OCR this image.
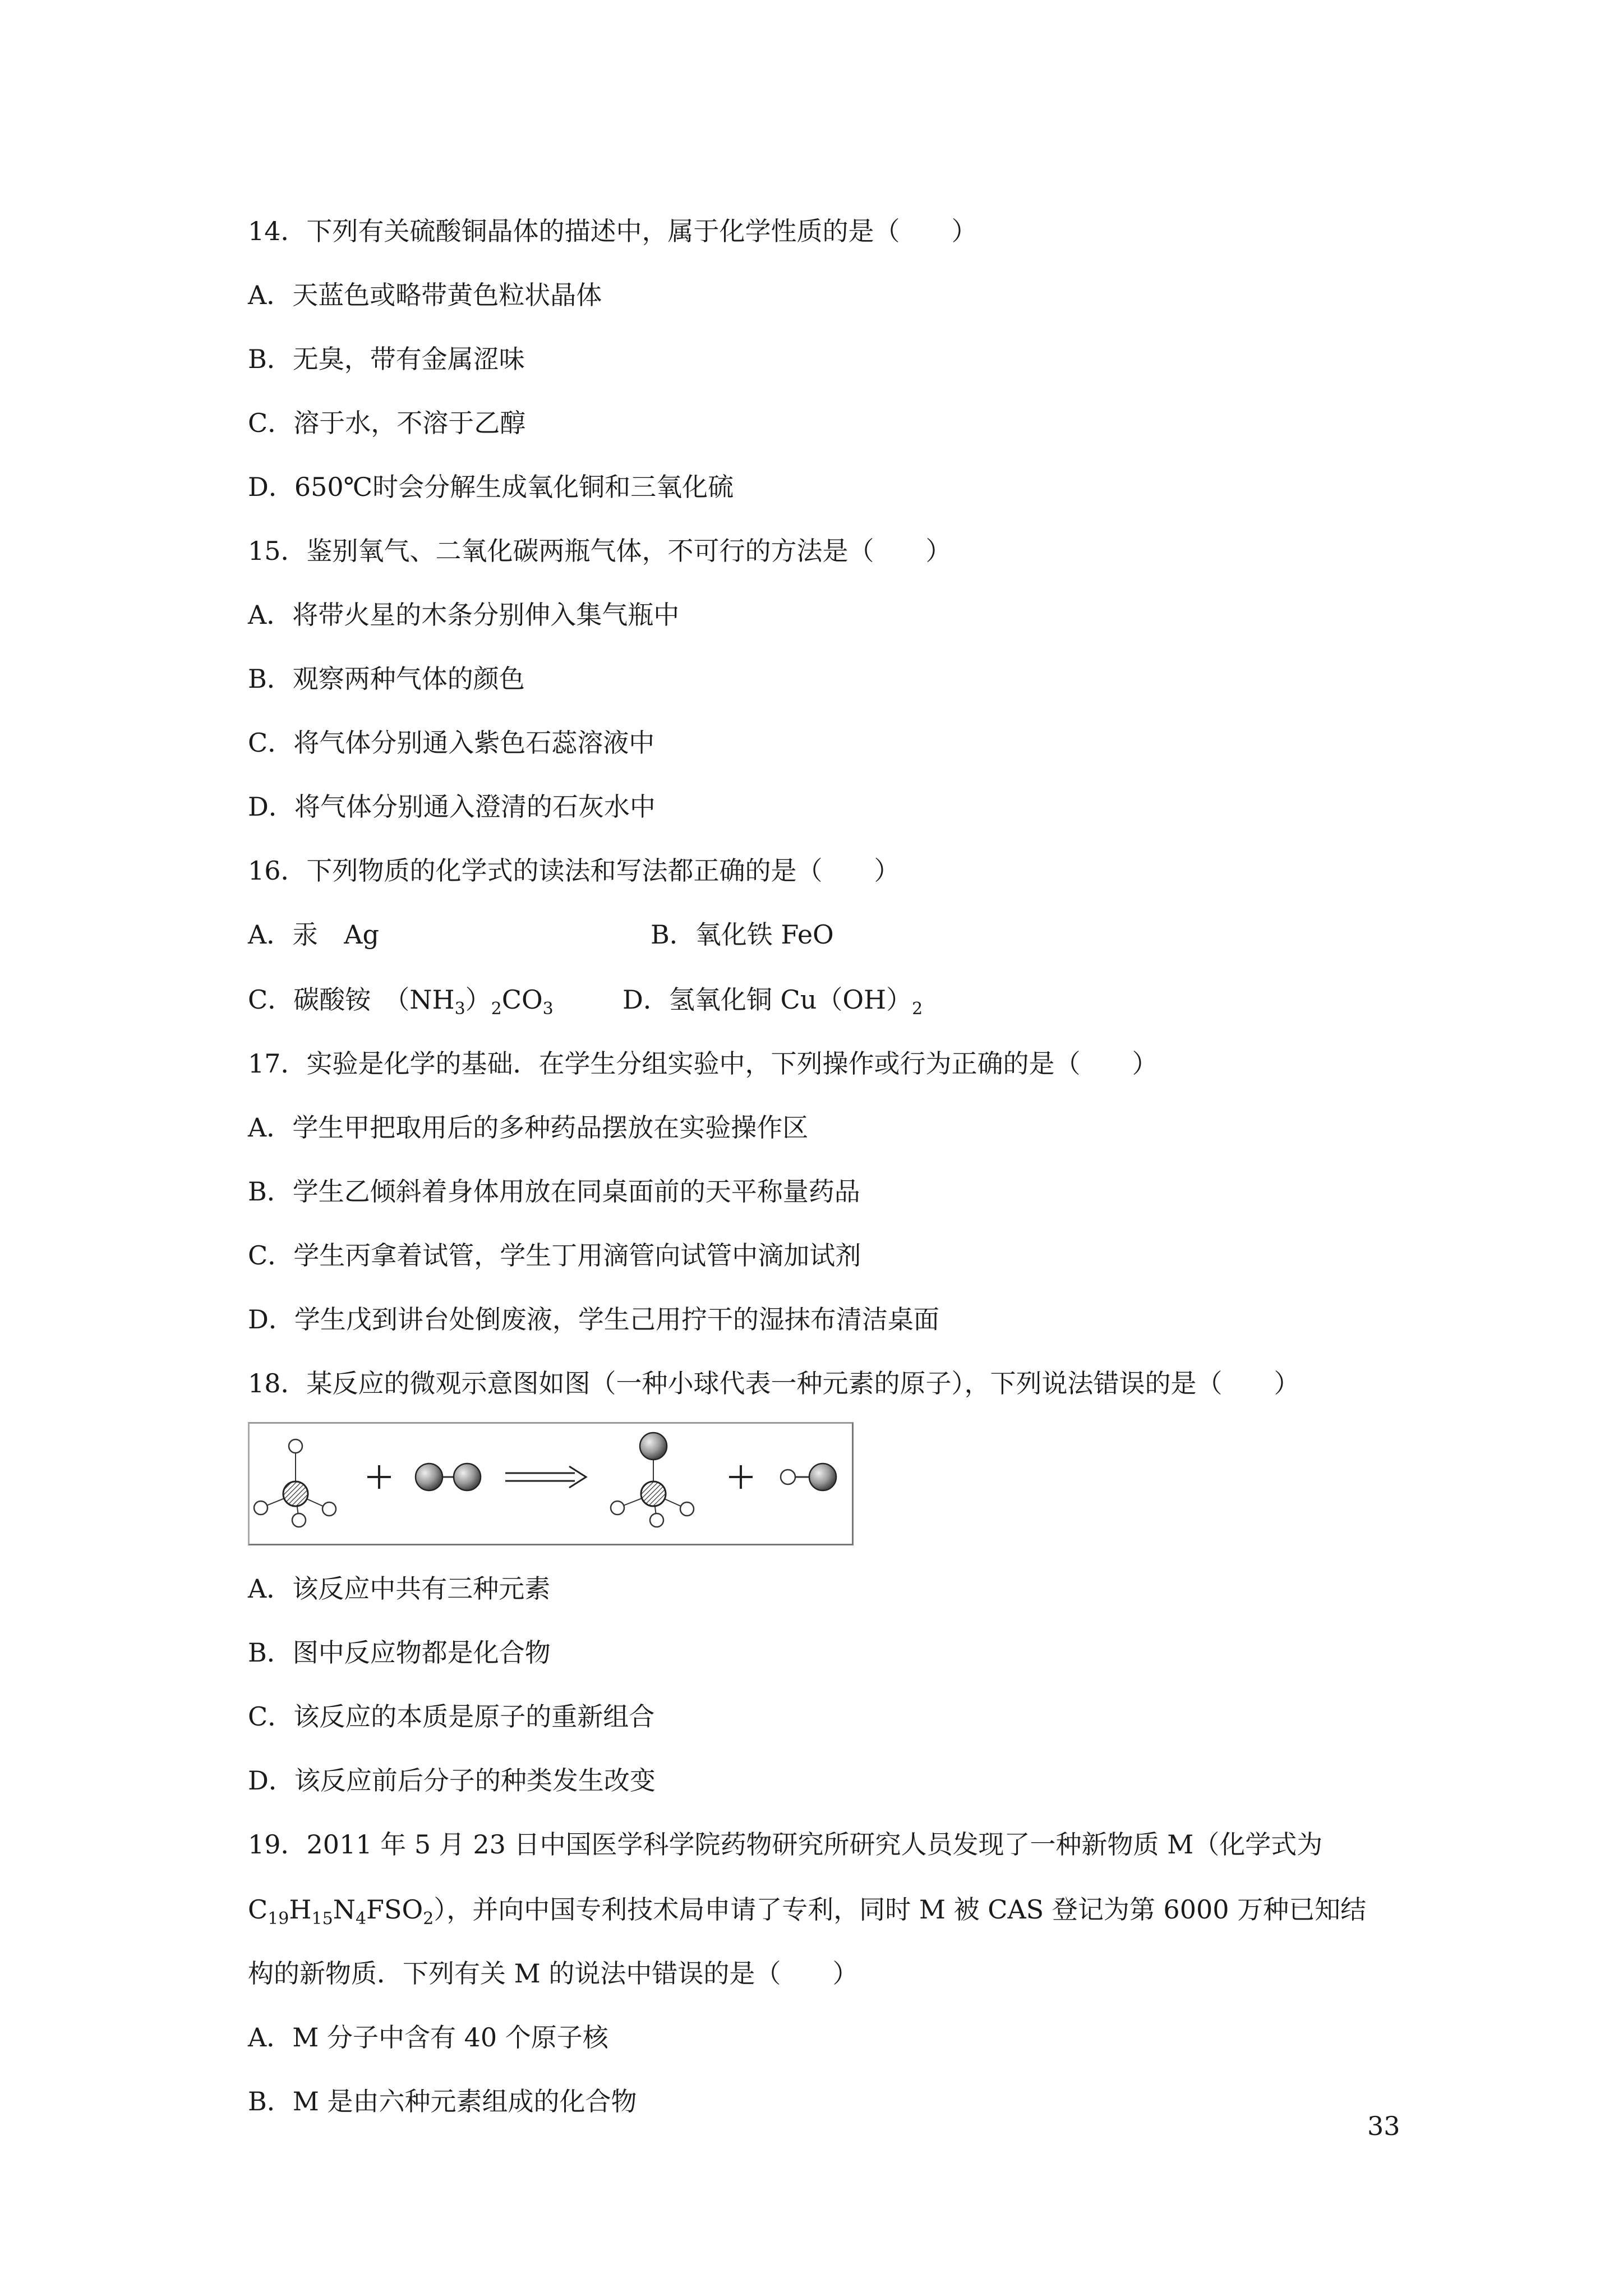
14．下列有关硫酸铜晶体的描述中，属于化学性质的是（　　）
A．天蓝色或略带黄色粒状晶体
B．无臭，带有金属涩味
C．溶于水，不溶于乙醇
D．650℃时会分解生成氧化铜和三氧化硫
15．鉴别氧气、二氧化碳两瓶气体，不可行的方法是（　　）
A．将带火星的木条分别伸入集气瓶中
B．观察两种气体的颜色
C．将气体分别通入紫色石蕊溶液中
D．将气体分别通入澄清的石灰水中
16．下列物质的化学式的读法和写法都正确的是（　　）
A．汞　Ag	B．氧化铁 FeO
C．碳酸铵　$(NH_3)_2CO_3$	D．氢氧化铜 $Cu(OH)_2$
17．实验是化学的基础．在学生分组实验中，下列操作或行为正确的是（　　）
A．学生甲把取用后的多种药品摆放在实验操作区
B．学生乙倾斜着身体用放在同桌面前的天平称量药品
C．学生丙拿着试管，学生丁用滴管向试管中滴加试剂
D．学生戊到讲台处倒废液，学生己用拧干的湿抹布清洁桌面
18．某反应的微观示意图如图（一种小球代表一种元素的原子），下列说法错误的是（　　）
A．该反应中共有三种元素
B．图中反应物都是化合物
C．该反应的本质是原子的重新组合
D．该反应前后分子的种类发生改变
19．2011 年 5 月 23 日中国医学科学院药物研究所研究人员发现了一种新物质 M（化学式为
$C_{19}H_{15}N_4FSO_2$），并向中国专利技术局申请了专利，同时 M 被 CAS 登记为第 6000 万种已知结
构的新物质．下列有关 M 的说法中错误的是（　　）
A．M 分子中含有 40 个原子核
B．M 是由六种元素组成的化合物
33
